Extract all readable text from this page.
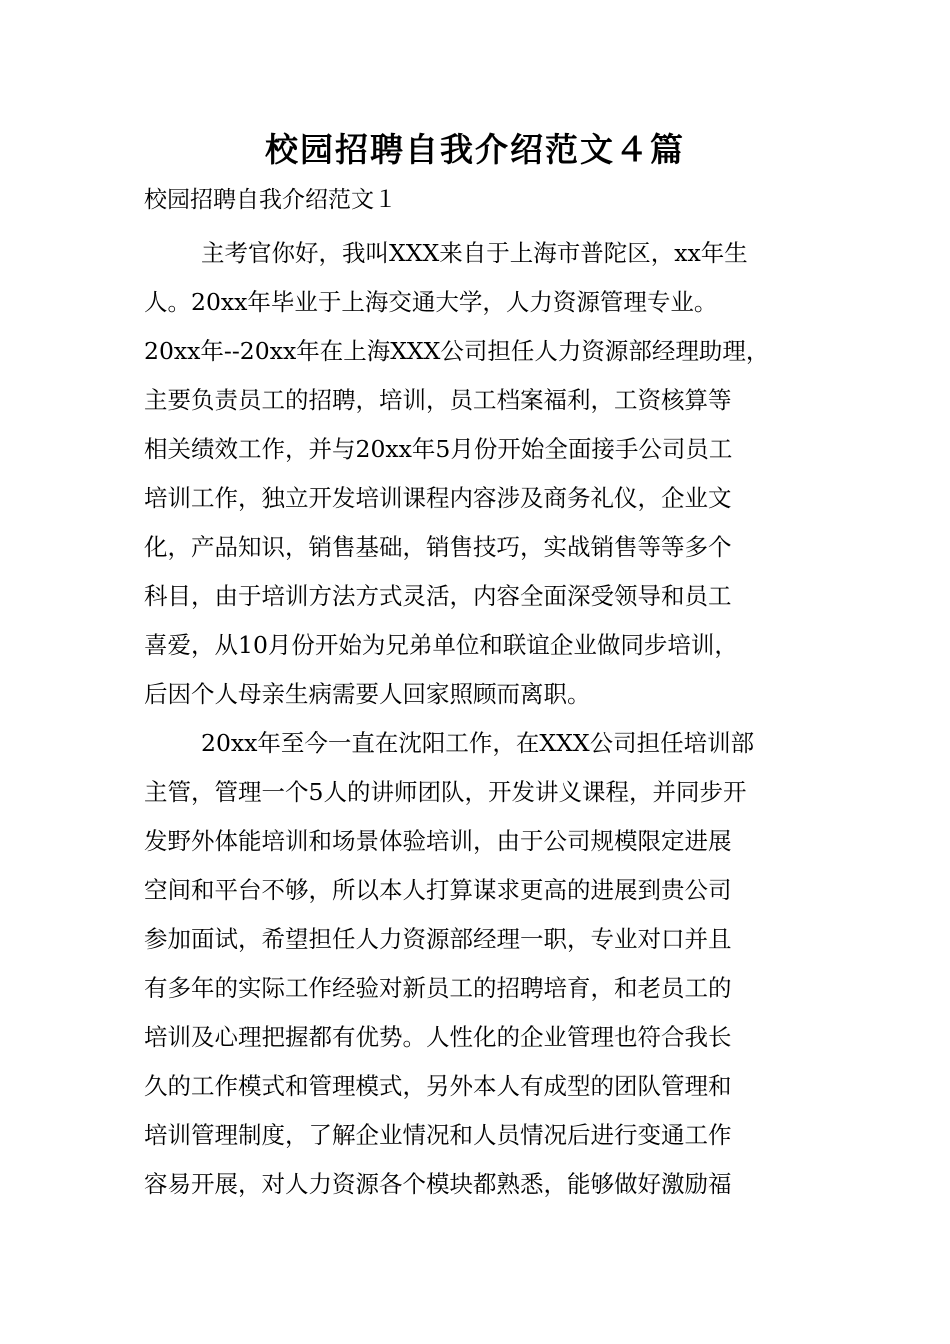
校园招聘自我介绍范文４篇
校园招聘自我介绍范文１
主考官你好，我叫XXX来自于上海市普陀区，xx年生
人。20xx年毕业于上海交通大学，人力资源管理专业。
20xx年--20xx年在上海XXX公司担任人力资源部经理助理，
主要负责员工的招聘，培训，员工档案福利，工资核算等
相关绩效工作，并与20xx年5月份开始全面接手公司员工
培训工作，独立开发培训课程内容涉及商务礼仪，企业文
化，产品知识，销售基础，销售技巧，实战销售等等多个
科目，由于培训方法方式灵活，内容全面深受领导和员工
喜爱，从10月份开始为兄弟单位和联谊企业做同步培训，
后因个人母亲生病需要人回家照顾而离职。
20xx年至今一直在沈阳工作，在XXX公司担任培训部
主管，管理一个5人的讲师团队，开发讲义课程，并同步开
发野外体能培训和场景体验培训，由于公司规模限定进展
空间和平台不够，所以本人打算谋求更高的进展到贵公司
参加面试，希望担任人力资源部经理一职，专业对口并且
有多年的实际工作经验对新员工的招聘培育，和老员工的
培训及心理把握都有优势。人性化的企业管理也符合我长
久的工作模式和管理模式，另外本人有成型的团队管理和
培训管理制度，了解企业情况和人员情况后进行变通工作
容易开展，对人力资源各个模块都熟悉，能够做好激励福
